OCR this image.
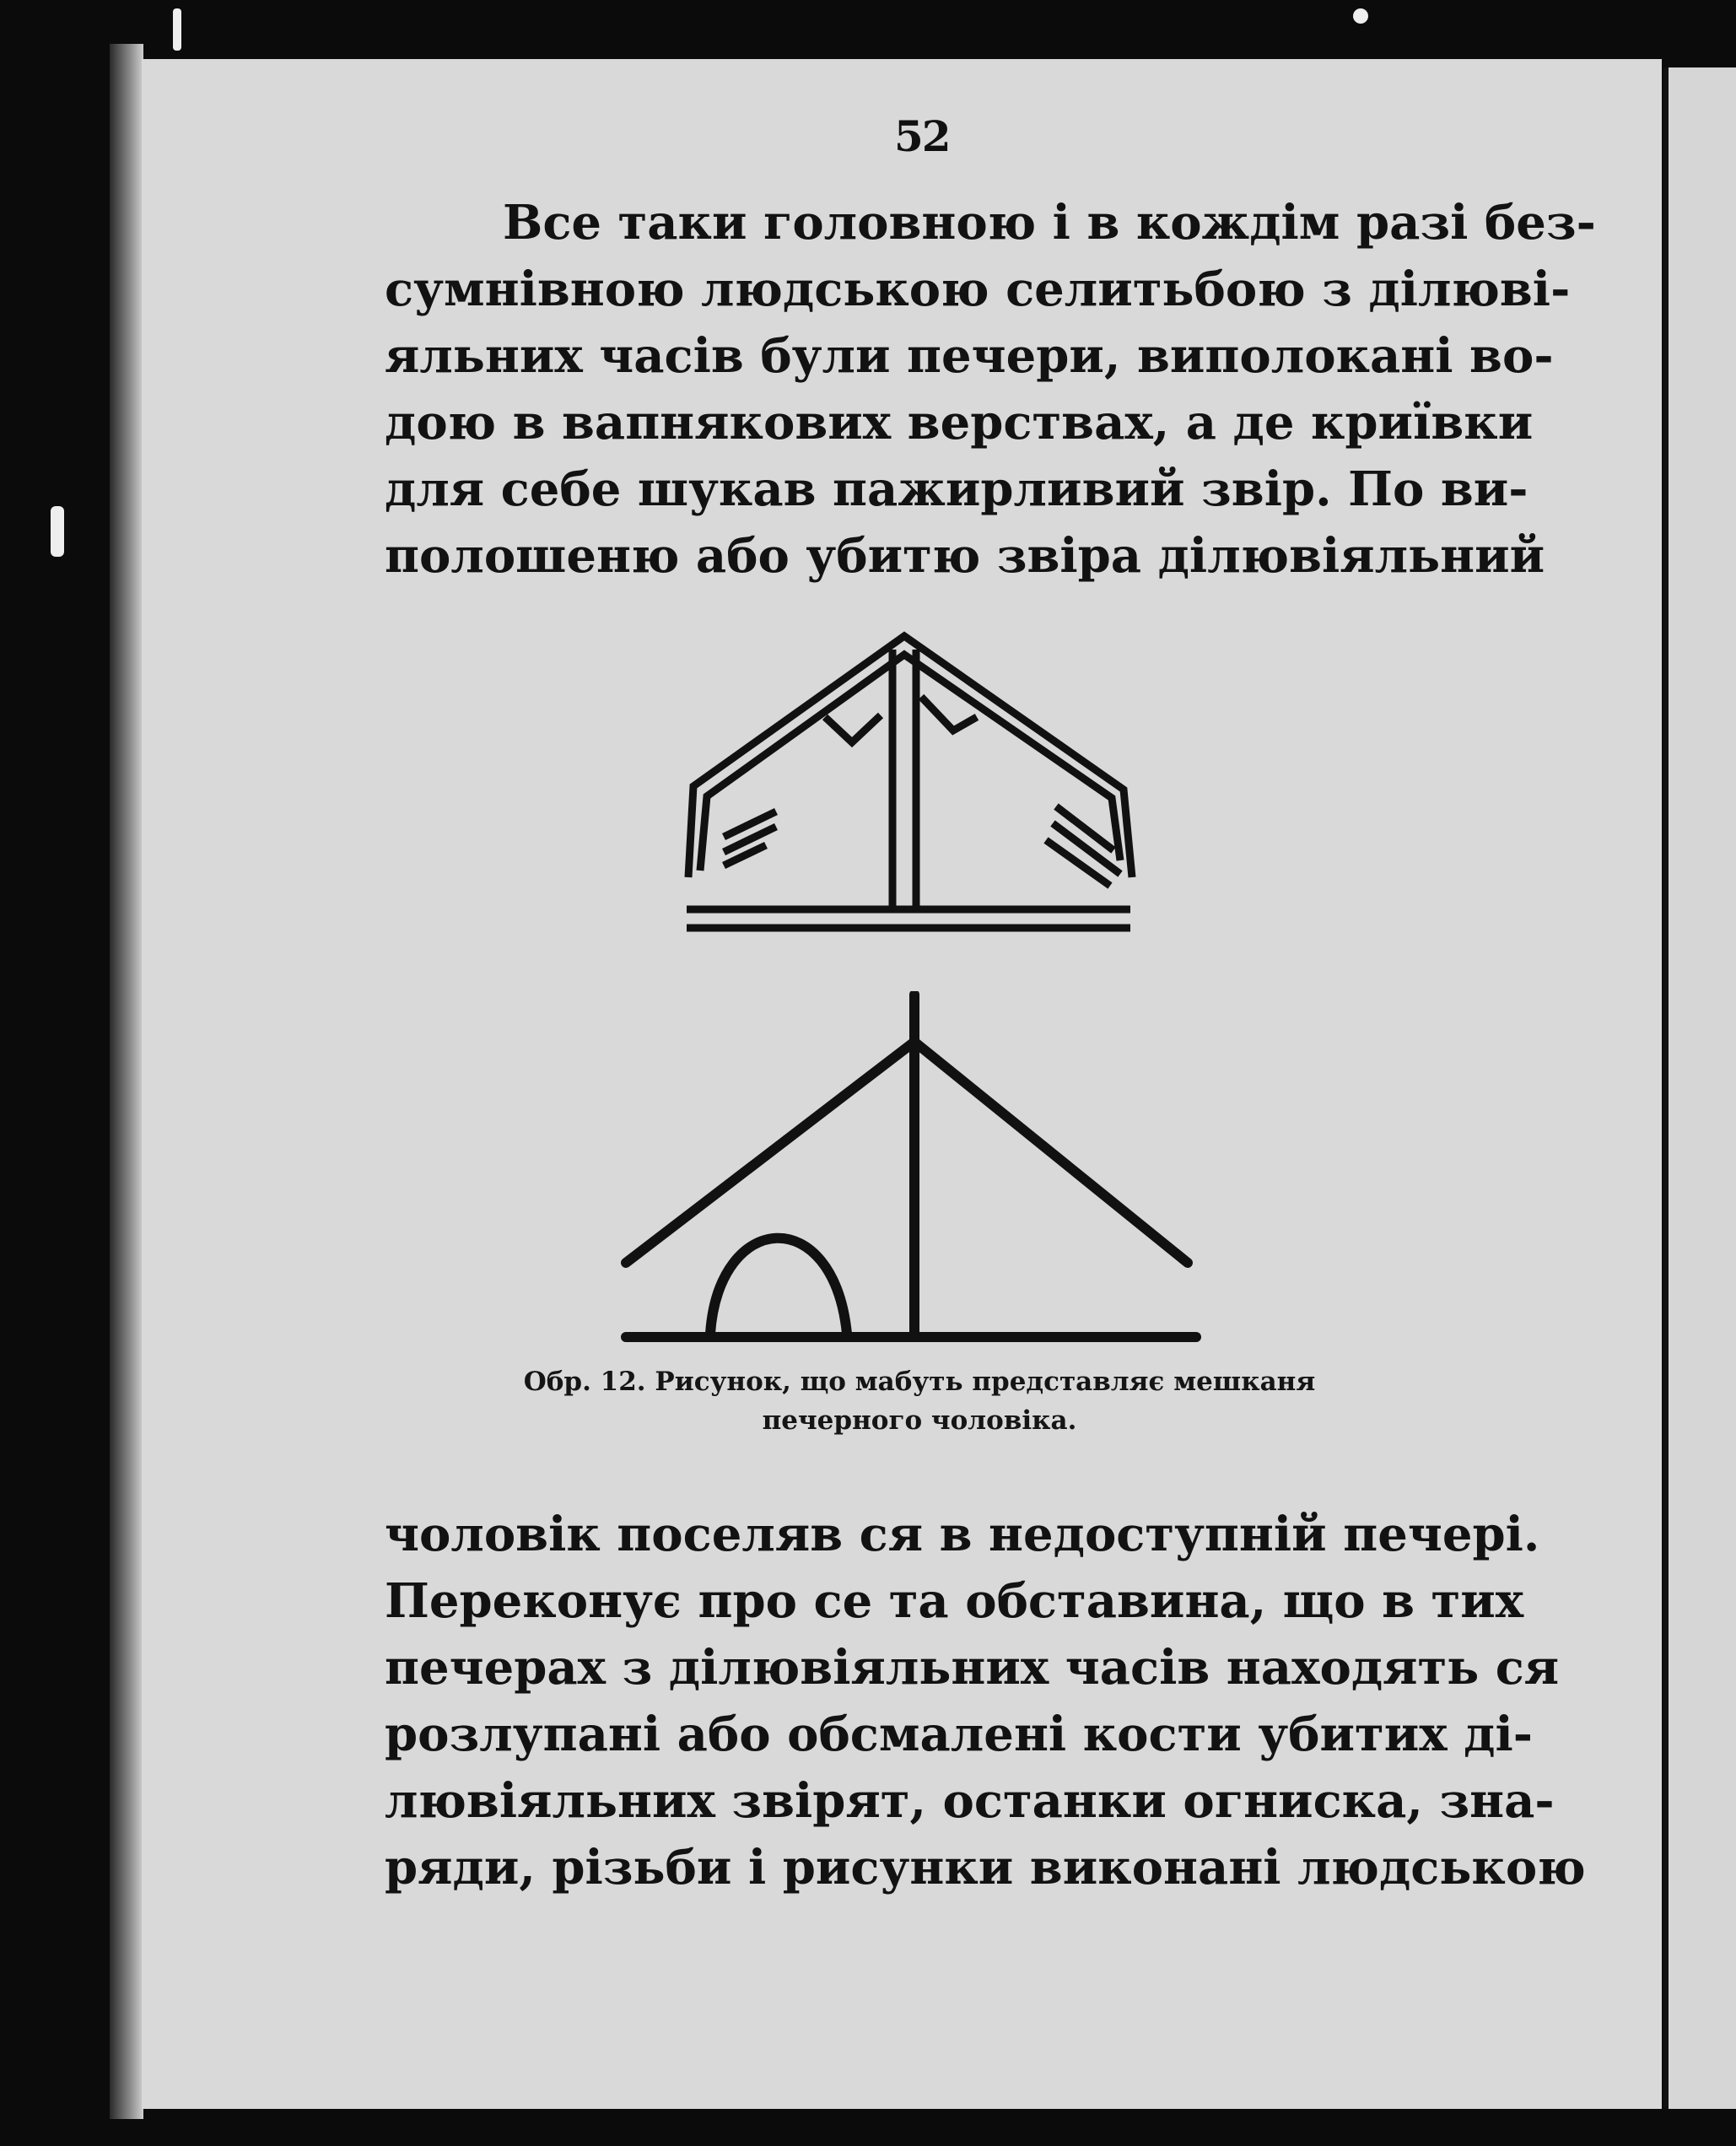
52
Все таки головною і в кождім разі без-
сумнівною людською селитьбою з ділюві-
яльних часів були печери, виполокані во-
дою в вапнякових верствах, а де криївки
для себе шукав пажирливий звір. По ви-
полошеню або убитю звіра ділювіяльний
Обр. 12. Рисунок, що мабуть представляє мешканя
печерного чоловіка.
чоловік поселяв ся в недоступній печері.
Переконує про се та обставина, що в тих
печерах з ділювіяльних часів находять ся
розлупані або обсмалені кости убитих ді-
лювіяльних звірят, останки огниска, зна-
ряди, різьби і рисунки виконані людською
